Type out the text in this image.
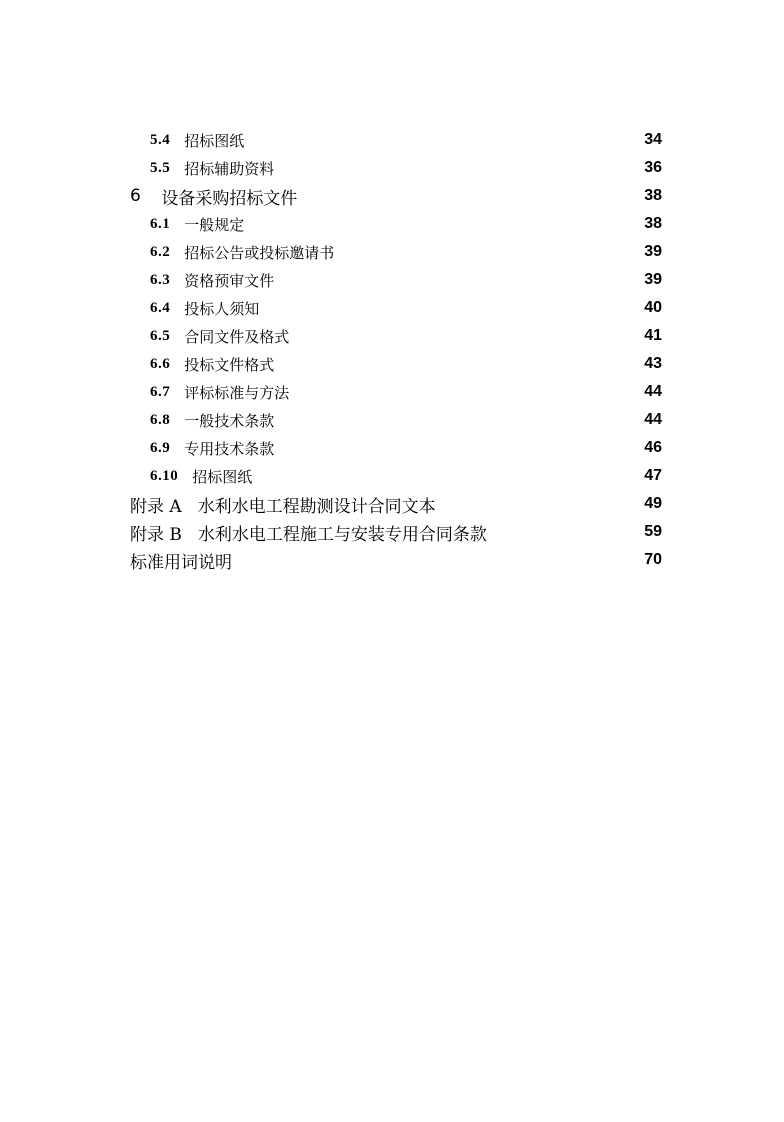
5.4 招标图纸	34
5.5 招标辅助资料	36
6 设备采购招标文件	38
6.1 一般规定	38
6.2 招标公告或投标邀请书	39
6.3 资格预审文件	39
6.4 投标人须知	40
6.5 合同文件及格式	41
6.6 投标文件格式	43
6.7 评标标准与方法	44
6.8 一般技术条款	44
6.9 专用技术条款	46
6.10 招标图纸	47
附录 A 水利水电工程勘测设计合同文本	49
附录 B 水利水电工程施工与安装专用合同条款	59
标准用词说明	70
